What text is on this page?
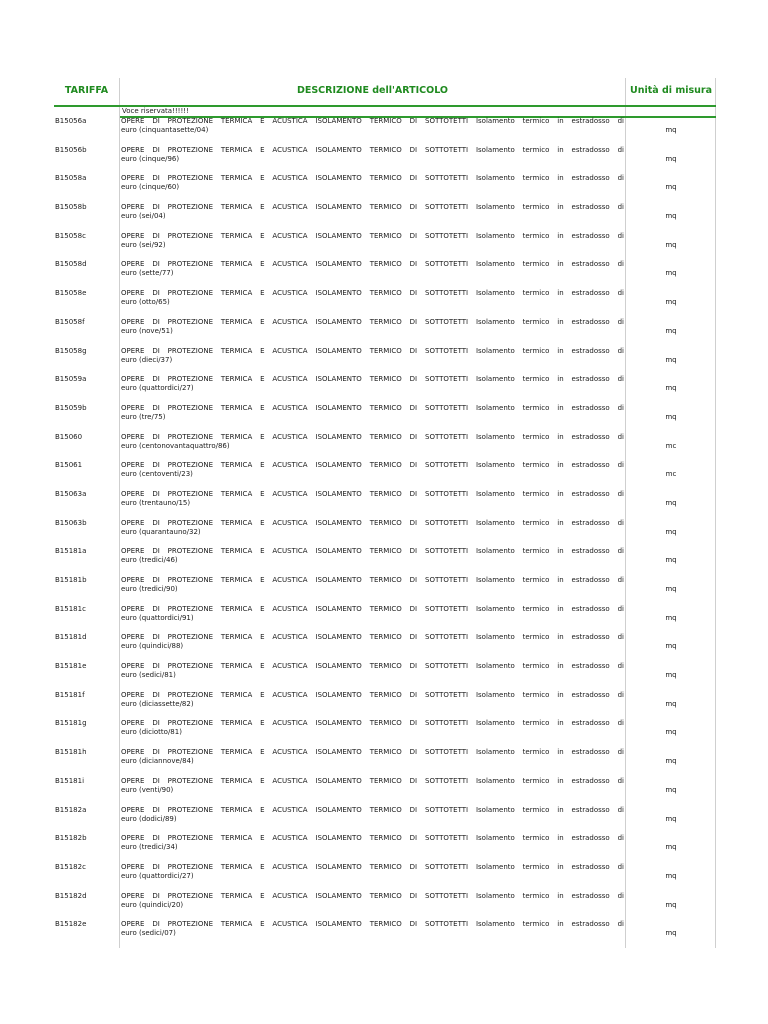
TARIFFA	DESCRIZIONE dell'ARTICOLO	Unità di misura
Voce riservata!!!!!!
B15056a	OPERE DI PROTEZIONE TERMICA E ACUSTICA ISOLAMENTO TERMICO DI SOTTOTETTI Isolamento termico in estradosso di
euro (cinquantasette/04)	mq
B15056b	OPERE DI PROTEZIONE TERMICA E ACUSTICA ISOLAMENTO TERMICO DI SOTTOTETTI Isolamento termico in estradosso di
euro (cinque/96)	mq
B15058a	OPERE DI PROTEZIONE TERMICA E ACUSTICA ISOLAMENTO TERMICO DI SOTTOTETTI Isolamento termico in estradosso di
euro (cinque/60)	mq
B15058b	OPERE DI PROTEZIONE TERMICA E ACUSTICA ISOLAMENTO TERMICO DI SOTTOTETTI Isolamento termico in estradosso di
euro (sei/04)	mq
B15058c	OPERE DI PROTEZIONE TERMICA E ACUSTICA ISOLAMENTO TERMICO DI SOTTOTETTI Isolamento termico in estradosso di
euro (sei/92)	mq
B15058d	OPERE DI PROTEZIONE TERMICA E ACUSTICA ISOLAMENTO TERMICO DI SOTTOTETTI Isolamento termico in estradosso di
euro (sette/77)	mq
B15058e	OPERE DI PROTEZIONE TERMICA E ACUSTICA ISOLAMENTO TERMICO DI SOTTOTETTI Isolamento termico in estradosso di
euro (otto/65)	mq
B15058f	OPERE DI PROTEZIONE TERMICA E ACUSTICA ISOLAMENTO TERMICO DI SOTTOTETTI Isolamento termico in estradosso di
euro (nove/51)	mq
B15058g	OPERE DI PROTEZIONE TERMICA E ACUSTICA ISOLAMENTO TERMICO DI SOTTOTETTI Isolamento termico in estradosso di
euro (dieci/37)	mq
B15059a	OPERE DI PROTEZIONE TERMICA E ACUSTICA ISOLAMENTO TERMICO DI SOTTOTETTI Isolamento termico in estradosso di
euro (quattordici/27)	mq
B15059b	OPERE DI PROTEZIONE TERMICA E ACUSTICA ISOLAMENTO TERMICO DI SOTTOTETTI Isolamento termico in estradosso di
euro (tre/75)	mq
B15060	OPERE DI PROTEZIONE TERMICA E ACUSTICA ISOLAMENTO TERMICO DI SOTTOTETTI Isolamento termico in estradosso di
euro (centonovantaquattro/86)	mc
B15061	OPERE DI PROTEZIONE TERMICA E ACUSTICA ISOLAMENTO TERMICO DI SOTTOTETTI Isolamento termico in estradosso di
euro (centoventi/23)	mc
B15063a	OPERE DI PROTEZIONE TERMICA E ACUSTICA ISOLAMENTO TERMICO DI SOTTOTETTI Isolamento termico in estradosso di
euro (trentauno/15)	mq
B15063b	OPERE DI PROTEZIONE TERMICA E ACUSTICA ISOLAMENTO TERMICO DI SOTTOTETTI Isolamento termico in estradosso di
euro (quarantauno/32)	mq
B15181a	OPERE DI PROTEZIONE TERMICA E ACUSTICA ISOLAMENTO TERMICO DI SOTTOTETTI Isolamento termico in estradosso di
euro (tredici/46)	mq
B15181b	OPERE DI PROTEZIONE TERMICA E ACUSTICA ISOLAMENTO TERMICO DI SOTTOTETTI Isolamento termico in estradosso di
euro (tredici/90)	mq
B15181c	OPERE DI PROTEZIONE TERMICA E ACUSTICA ISOLAMENTO TERMICO DI SOTTOTETTI Isolamento termico in estradosso di
euro (quattordici/91)	mq
B15181d	OPERE DI PROTEZIONE TERMICA E ACUSTICA ISOLAMENTO TERMICO DI SOTTOTETTI Isolamento termico in estradosso di
euro (quindici/88)	mq
B15181e	OPERE DI PROTEZIONE TERMICA E ACUSTICA ISOLAMENTO TERMICO DI SOTTOTETTI Isolamento termico in estradosso di
euro (sedici/81)	mq
B15181f	OPERE DI PROTEZIONE TERMICA E ACUSTICA ISOLAMENTO TERMICO DI SOTTOTETTI Isolamento termico in estradosso di
euro (diciassette/82)	mq
B15181g	OPERE DI PROTEZIONE TERMICA E ACUSTICA ISOLAMENTO TERMICO DI SOTTOTETTI Isolamento termico in estradosso di
euro (diciotto/81)	mq
B15181h	OPERE DI PROTEZIONE TERMICA E ACUSTICA ISOLAMENTO TERMICO DI SOTTOTETTI Isolamento termico in estradosso di
euro (diciannove/84)	mq
B15181i	OPERE DI PROTEZIONE TERMICA E ACUSTICA ISOLAMENTO TERMICO DI SOTTOTETTI Isolamento termico in estradosso di
euro (venti/90)	mq
B15182a	OPERE DI PROTEZIONE TERMICA E ACUSTICA ISOLAMENTO TERMICO DI SOTTOTETTI Isolamento termico in estradosso di
euro (dodici/89)	mq
B15182b	OPERE DI PROTEZIONE TERMICA E ACUSTICA ISOLAMENTO TERMICO DI SOTTOTETTI Isolamento termico in estradosso di
euro (tredici/34)	mq
B15182c	OPERE DI PROTEZIONE TERMICA E ACUSTICA ISOLAMENTO TERMICO DI SOTTOTETTI Isolamento termico in estradosso di
euro (quattordici/27)	mq
B15182d	OPERE DI PROTEZIONE TERMICA E ACUSTICA ISOLAMENTO TERMICO DI SOTTOTETTI Isolamento termico in estradosso di
euro (quindici/20)	mq
B15182e	OPERE DI PROTEZIONE TERMICA E ACUSTICA ISOLAMENTO TERMICO DI SOTTOTETTI Isolamento termico in estradosso di
euro (sedici/07)	mq
